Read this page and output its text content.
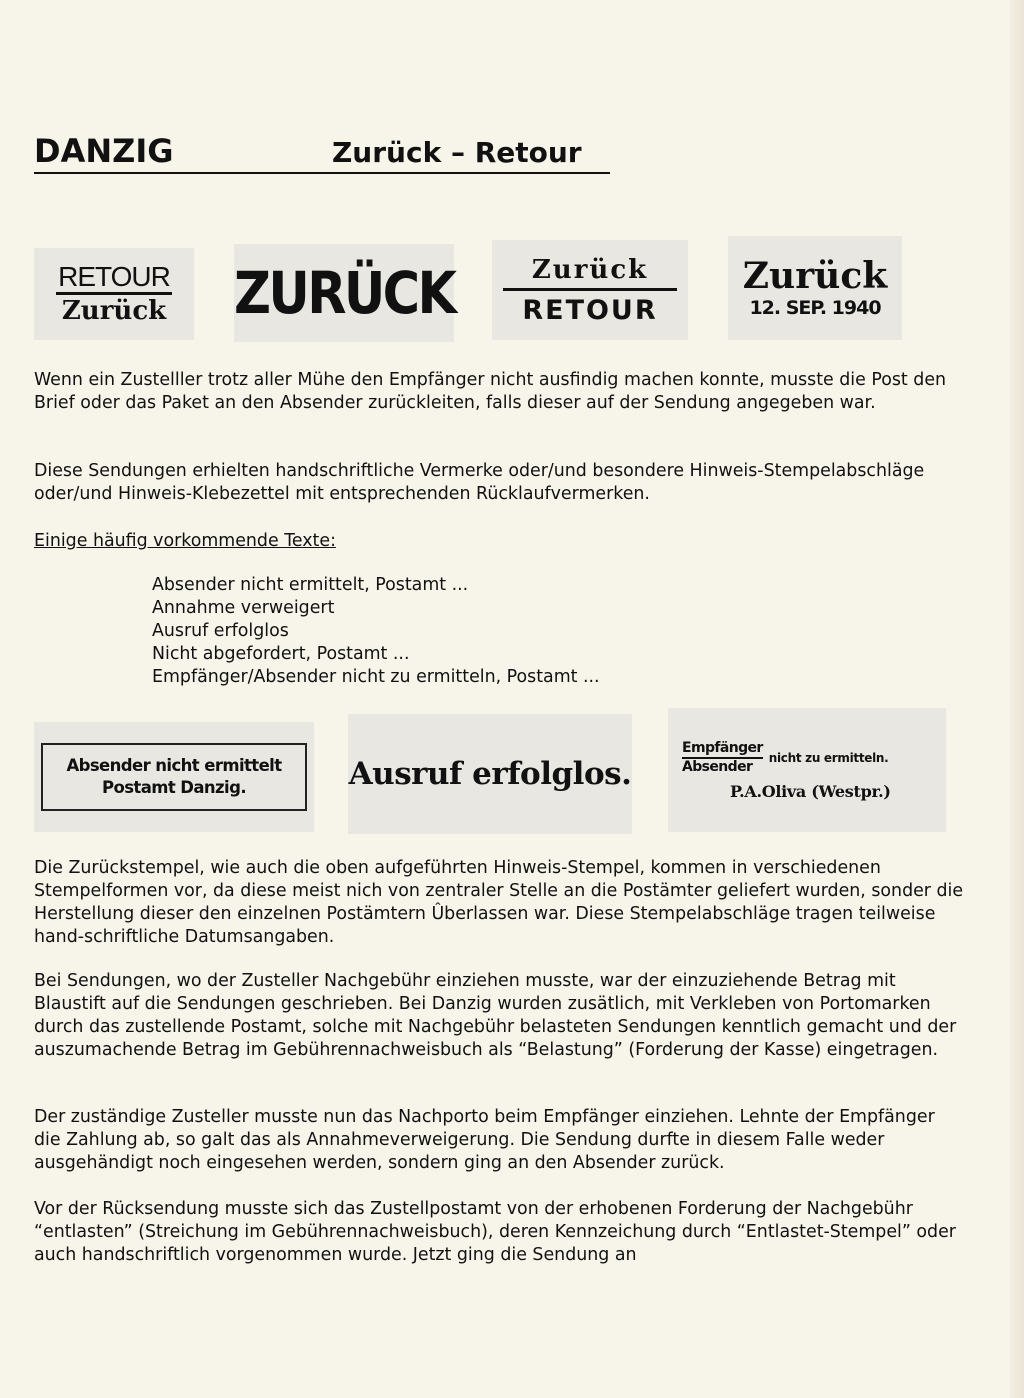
DANZIG	Zurück – Retour
RETOUR
Zurück ZURÜCK	Zurück
RETOUR
Zurück
12. SEP. 1940

Wenn ein Zustelller trotz aller Mühe den Empfänger nicht ausfindig machen konnte, musste die Post den Brief oder das Paket an den Absender zurückleiten, falls dieser auf der Sendung angegeben war.

Diese Sendungen erhielten handschriftliche Vermerke oder/und besondere Hinweis-Stempelabschläge oder/und Hinweis-Klebezettel mit entsprechenden Rücklaufvermerken.

Einige häufig vorkommende Texte:
Absender nicht ermittelt, Postamt ...
Annahme verweigert
Ausruf erfolglos
Nicht abgefordert, Postamt ...
Empfänger/Absender nicht zu ermitteln, Postamt ...
Absender nicht ermittelt
Postamt Danzig.	Ausruf erfolglos.
Empfänger
Absender
nicht zu ermitteln.
P.A.Oliva (Westpr.)

Die Zurückstempel, wie auch die oben aufgeführten Hinweis-Stempel, kommen in verschiedenen Stempelformen vor, da diese meist nich von zentraler Stelle an die Postämter geliefert wurden, sonder die Herstellung dieser den einzelnen Postämtern Ûberlassen war. Diese Stempelabschläge tragen teilweise hand-schriftliche Datumsangaben.

Bei Sendungen, wo der Zusteller Nachgebühr einziehen musste, war der einzuziehende Betrag mit Blaustift auf die Sendungen geschrieben. Bei Danzig wurden zusätlich, mit Verkleben von Portomarken durch das zustellende Postamt, solche mit Nachgebühr belasteten Sendungen kenntlich gemacht und der auszumachende Betrag im Gebührennachweisbuch als “Belastung” (Forderung der Kasse) eingetragen.

Der zuständige Zusteller musste nun das Nachporto beim Empfänger einziehen. Lehnte der Empfänger die Zahlung ab, so galt das als Annahmeverweigerung. Die Sendung durfte in diesem Falle weder ausgehändigt noch eingesehen werden, sondern ging an den Absender zurück.

Vor der Rücksendung musste sich das Zustellpostamt von der erhobenen Forderung der Nachgebühr “entlasten” (Streichung im Gebührennachweisbuch), deren Kennzeichung durch “Entlastet-Stempel” oder auch handschriftlich vorgenommen wurde. Jetzt ging die Sendung an
